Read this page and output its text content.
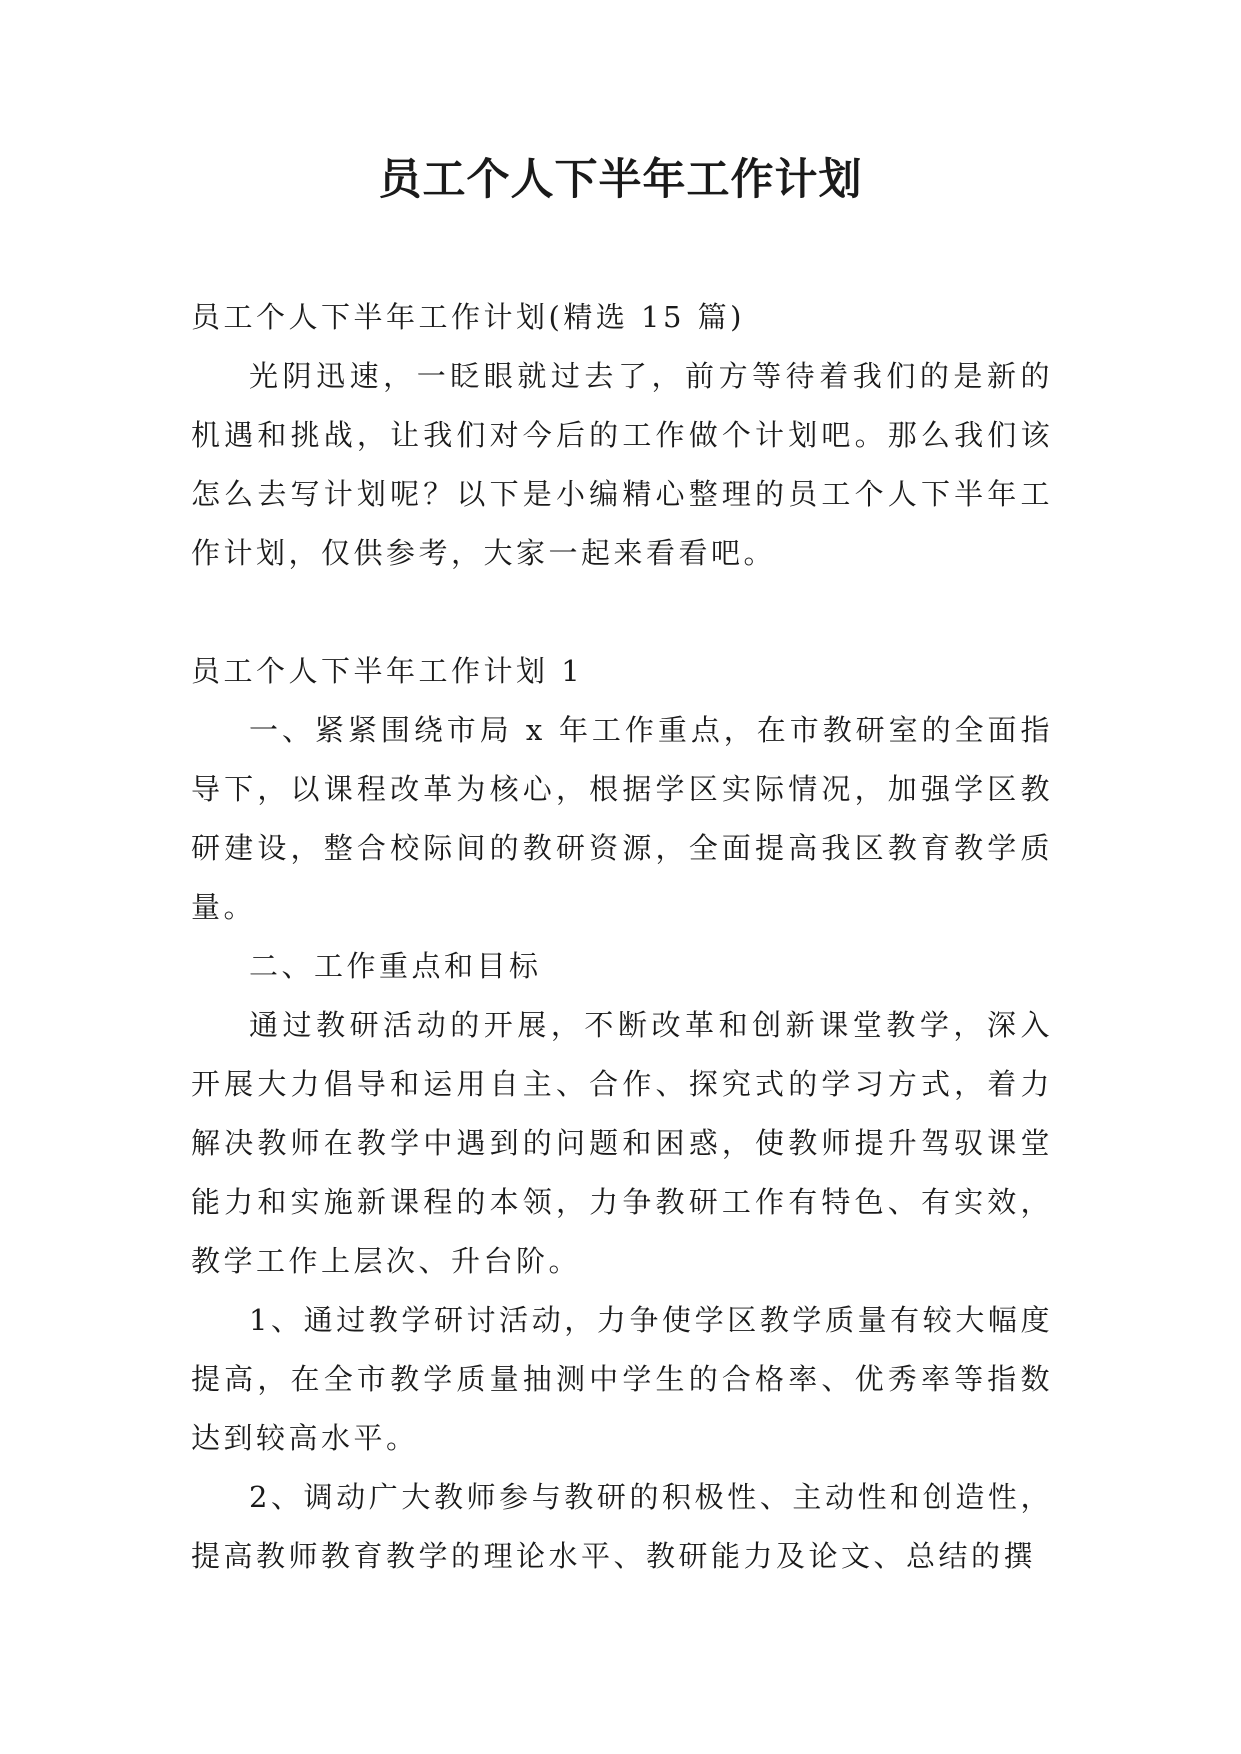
员工个人下半年工作计划

员工个人下半年工作计划(精选 15 篇)

光阴迅速，一眨眼就过去了，前方等待着我们的是新的机遇和挑战，让我们对今后的工作做个计划吧。那么我们该怎么去写计划呢？以下是小编精心整理的员工个人下半年工作计划，仅供参考，大家一起来看看吧。

员工个人下半年工作计划 1

一、紧紧围绕市局 x 年工作重点，在市教研室的全面指导下，以课程改革为核心，根据学区实际情况，加强学区教研建设，整合校际间的教研资源，全面提高我区教育教学质量。

二、工作重点和目标

通过教研活动的开展，不断改革和创新课堂教学，深入开展大力倡导和运用自主、合作、探究式的学习方式，着力解决教师在教学中遇到的问题和困惑，使教师提升驾驭课堂能力和实施新课程的本领，力争教研工作有特色、有实效，教学工作上层次、升台阶。

1、通过教学研讨活动，力争使学区教学质量有较大幅度提高，在全市教学质量抽测中学生的合格率、优秀率等指数达到较高水平。

2、调动广大教师参与教研的积极性、主动性和创造性，提高教师教育教学的理论水平、教研能力及论文、总结的撰
